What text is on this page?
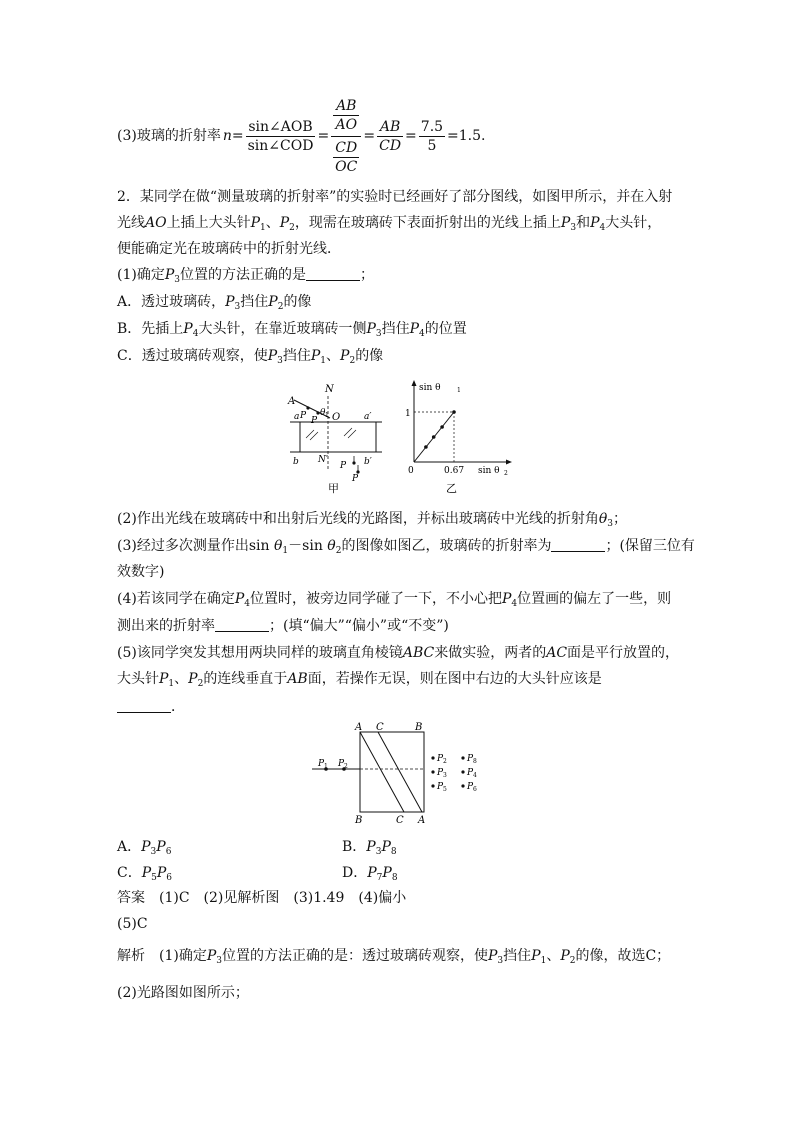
(3)玻璃的折射率 $n = \frac{\text{sin∠AOB}}{\text{sin∠COD}}$ =
$\frac{AB}{AO}$
$\frac{CD}{OC}$
= $\frac{AB}{CD} = \frac{7.5}{5} =1.5$.
2．某同学在做“测量玻璃的折射率”的实验时已经画好了部分图线，如图甲所示，并在入射
光线AO上插上大头针$P_1$、$P_2$，现需在玻璃砖下表面折射出的光线上插上$P_3$和$P_4$大头针，
便能确定光在玻璃砖中的折射光线．
(1)确定$P_3$位置的方法正确的是	；
A．透过玻璃砖，$P_3$挡住$P_2$的像
B．先插上$P_4$大头针，在靠近玻璃砖一侧$P_3$挡住$P_4$的位置
C．透过玻璃砖观察，使$P_3$挡住$P_1$、$P_2$的像
A
N
θ 1 O
P P
a	a′
b	b′
N′
P
P
甲
sin θ	1
1
0	0.67 sin θ 2
乙
(2)作出光线在玻璃砖中和出射后光线的光路图，并标出玻璃砖中光线的折射角$\theta_3$；
(3)经过多次测量作出$\sin \theta_1-\sin$ $\theta_2$的图像如图乙，玻璃砖的折射率为	；(保留三位有
效数字)
(4)若该同学在确定$P_4$位置时，被旁边同学碰了一下，不小心把$P_4$位置画的偏左了一些，则
测出来的折射率	；(填“偏大”“偏小”或“不变”)
(5)该同学突发其想用两块同样的玻璃直角棱镜ABC来做实验，两者的AC面是平行放置的，
大头针$P_1$、$P_2$的连线垂直于AB面，若操作无误，则在图中右边的大头针应该是
．
A C	B
B	C A
P 1 P 2
P 2
P 3
P 5
P 8
P 4
P 6
A．$P_3P_6$	B．$P_3P_8$
C．$P_5P_6$	D．$P_7P_8$
答案　 (1)C　(2)见解析图　(3)1.49　(4)偏小
(5)C
解析　 (1)确定$P_3$位置的方法正确的是：透过玻璃砖观察，使$P_3$挡住$P_1$、$P_2$的像，故选C；
(2)光路图如图所示；
